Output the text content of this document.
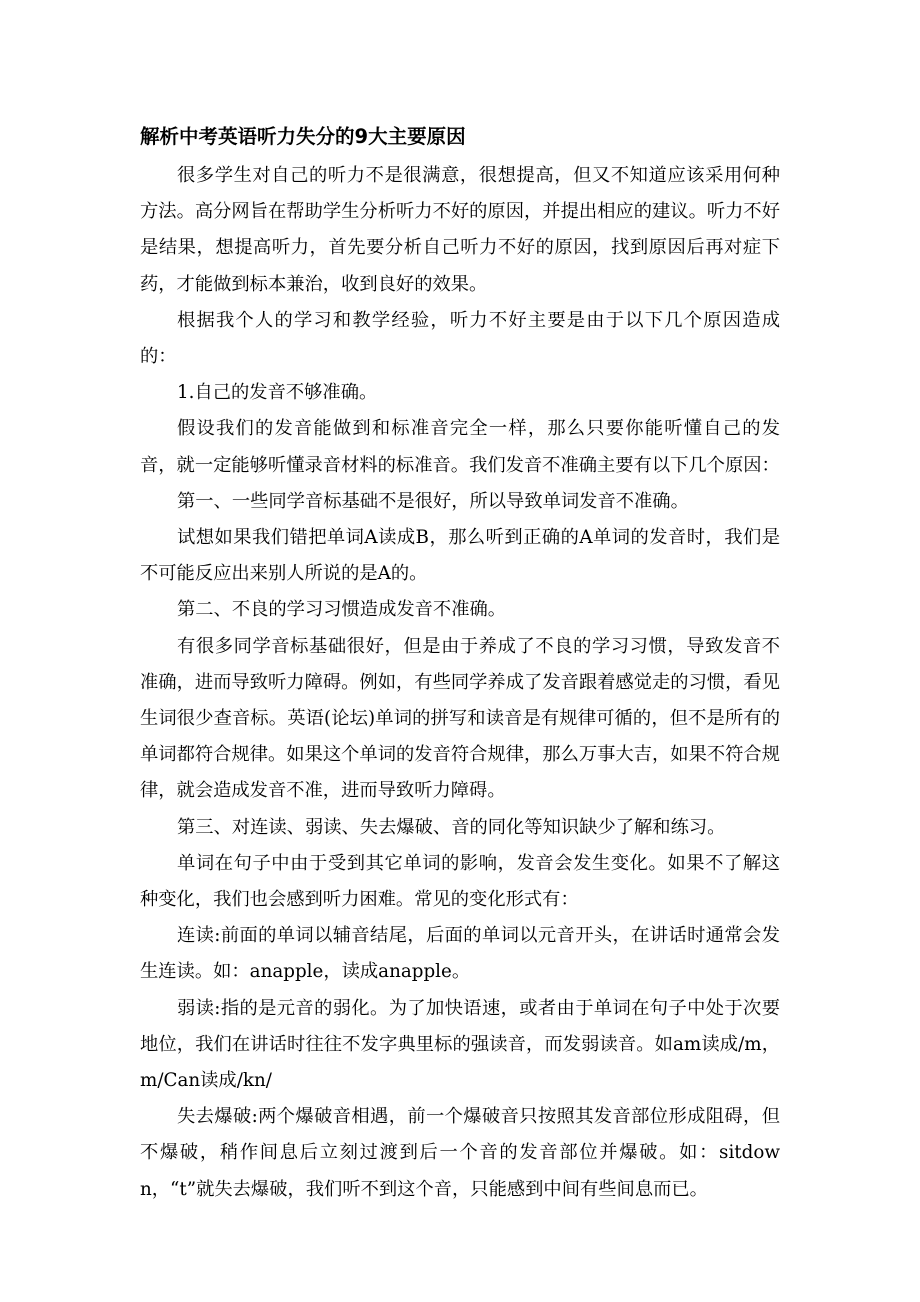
解析中考英语听力失分的9大主要原因

很多学生对自己的听力不是很满意，很想提高，但又不知道应该采用何种方法。高分网旨在帮助学生分析听力不好的原因，并提出相应的建议。听力不好是结果，想提高听力，首先要分析自己听力不好的原因，找到原因后再对症下药，才能做到标本兼治，收到良好的效果。

根据我个人的学习和教学经验，听力不好主要是由于以下几个原因造成的：

1.自己的发音不够准确。

假设我们的发音能做到和标准音完全一样，那么只要你能听懂自己的发音，就一定能够听懂录音材料的标准音。我们发音不准确主要有以下几个原因：

第一、一些同学音标基础不是很好，所以导致单词发音不准确。

试想如果我们错把单词A读成B，那么听到正确的A单词的发音时，我们是不可能反应出来别人所说的是A的。

第二、不良的学习习惯造成发音不准确。

有很多同学音标基础很好，但是由于养成了不良的学习习惯，导致发音不准确，进而导致听力障碍。例如，有些同学养成了发音跟着感觉走的习惯，看见生词很少查音标。英语(论坛)单词的拼写和读音是有规律可循的，但不是所有的单词都符合规律。如果这个单词的发音符合规律，那么万事大吉，如果不符合规律，就会造成发音不准，进而导致听力障碍。

第三、对连读、弱读、失去爆破、音的同化等知识缺少了解和练习。

单词在句子中由于受到其它单词的影响，发音会发生变化。如果不了解这种变化，我们也会感到听力困难。常见的变化形式有：

连读:前面的单词以辅音结尾，后面的单词以元音开头，在讲话时通常会发生连读。如：anapple，读成anapple。

弱读:指的是元音的弱化。为了加快语速，或者由于单词在句子中处于次要地位，我们在讲话时往往不发字典里标的强读音，而发弱读音。如am读成/m，m/Can读成/kn/

失去爆破:两个爆破音相遇，前一个爆破音只按照其发音部位形成阻碍，但不爆破，稍作间息后立刻过渡到后一个音的发音部位并爆破。如：sitdown，“t”就失去爆破，我们听不到这个音，只能感到中间有些间息而已。
